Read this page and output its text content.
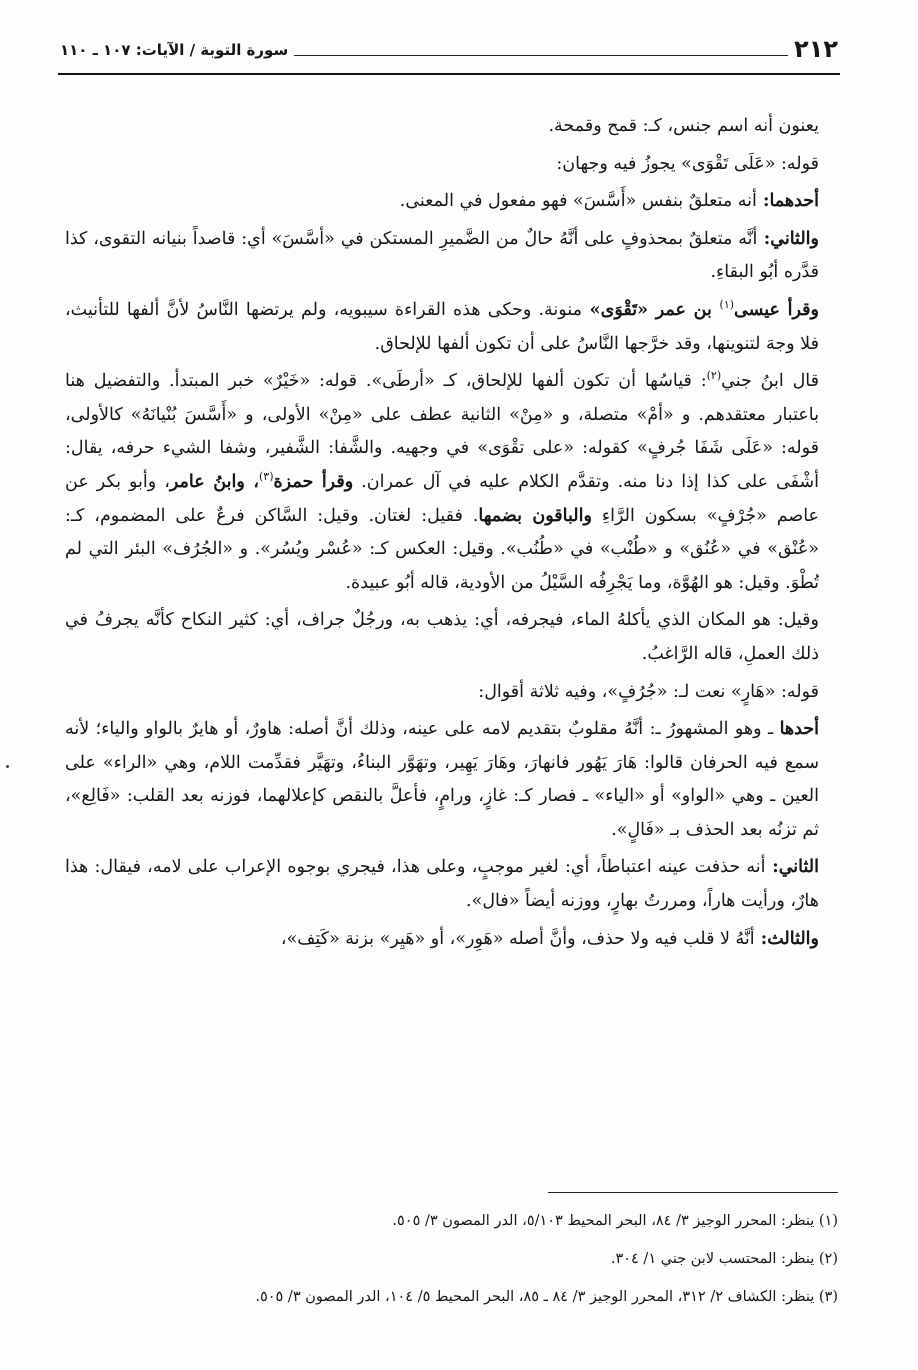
٢١٢
سورة التوبة / الآيات: ١٠٧ ـ ١١٠

يعنون أنه اسم جنس، كـ: قمح وقمحة.

قوله: «عَلَى تَقْوَى» يجوزُ فيه وجهان:

أحدهما: أنه متعلقٌ بنفس «أَسَّسَ» فهو مفعول في المعنى.

والثاني: أنَّه متعلقٌ بمحذوفٍ على أنَّهُ حالٌ من الضَّميرِ المستكن في «أسَّسَ» أي: قاصداً بنيانه التقوى، كذا قدَّره أبُو البقاءِ.

وقرأ عيسى$^{(١)}$ بن عمر «تَقْوَى» منونة. وحكى هذه القراءة سيبويه، ولم يرتضها النَّاسُ لأنَّ ألفها للتأنيث، فلا وجهَ لتنوينها، وقد خرَّجها النَّاسُ على أن تكون ألفها للإلحاق.

قال ابنُ جني$^{(٢)}$: قياسُها أن تكون ألفها للإلحاق، كـ «أرطَى». قوله: «خَيْرٌ» خبر المبتدأ. والتفضيل هنا باعتبار معتقدهم. و «أمْ» متصلة، و «مِنْ» الثانية عطف على «مِنْ» الأولى، و «أَسَّسَ بُنْيانَهُ» كالأولى، قوله: «عَلَى شَفَا جُرفٍ» كقوله: «على تقْوَى» في وجهيه. والشَّفا: الشَّفير، وشفا الشيء حرفه، يقال: أشْفَى على كذا إذا دنا منه. وتقدَّم الكلام عليه في آل عمران. وقرأ حمزة$^{(٣)}$، وابنُ عامر، وأبو بكر عن عاصم «جُرْفٍ» بسكون الرَّاءِ والباقون بضمها. فقيل: لغتان. وقيل: السَّاكن فرعٌ على المضموم، كـ: «عُنْق» في «عُنُق» و «طُنْب» في «طُنُب». وقيل: العكس كـ: «عُسْر ويُسُر». و «الجُرُف» البئر التي لم تُطْوَ. وقيل: هو الهُوَّة، وما يَجْرِفُه السَّيْلُ من الأودية، قاله أبُو عبيدة.

وقيل: هو المكان الذي يأكلهُ الماء، فيجرفه، أي: يذهب به، ورجُلٌ جراف، أي: كثير النكاح كأنَّه يجرفُ في ذلك العملِ، قاله الرَّاغبُ.

قوله: «هَارٍ» نعت لـ: «جُرُفٍ»، وفيه ثلاثة أقوال:

أحدها ـ وهو المشهورُ ـ: أنَّهُ مقلوبٌ بتقديم لامه على عينه، وذلك أنَّ أصله: هاورٌ، أو هايرٌ بالواو والياء؛ لأنه سمع فيه الحرفان قالوا: هَارَ يَهُور فانهارَ، وهَارَ يَهِير، وتهَوَّر البناءُ، وتهَيَّر فقدِّمت اللام، وهي «الراء» على العين ـ وهي «الواو» أو «الياء» ـ فصار كـ: غازٍ، ورامٍ، فأعلَّ بالنقص كإعلالهما، فوزنه بعد القلب: «فَالِع»، ثم تزنُه بعد الحذف بـ «فَالٍ».

الثاني: أنه حذفت عينه اعتباطاً، أي: لغير موجبٍ، وعلى هذا، فيجري بوجوه الإعراب على لامه، فيقال: هذا هارٌ، ورأيت هاراً، ومررتُ بهارٍ، ووزنه أيضاً «فال».

والثالث: أنَّهُ لا قلب فيه ولا حذف، وأنَّ أصله «هَوِر»، أو «هَيِر» بزنة «كَتِف»،

(١) ينظر: المحرر الوجيز ٣/ ٨٤، البحر المحيط ٥/١٠٣، الدر المصون ٣/ ٥٠٥.
(٢) ينظر: المحتسب لابن جني ١/ ٣٠٤.
(٣) ينظر: الكشاف ٢/ ٣١٢، المحرر الوجيز ٣/ ٨٤ ـ ٨٥، البحر المحيط ٥/ ١٠٤، الدر المصون ٣/ ٥٠٥.
